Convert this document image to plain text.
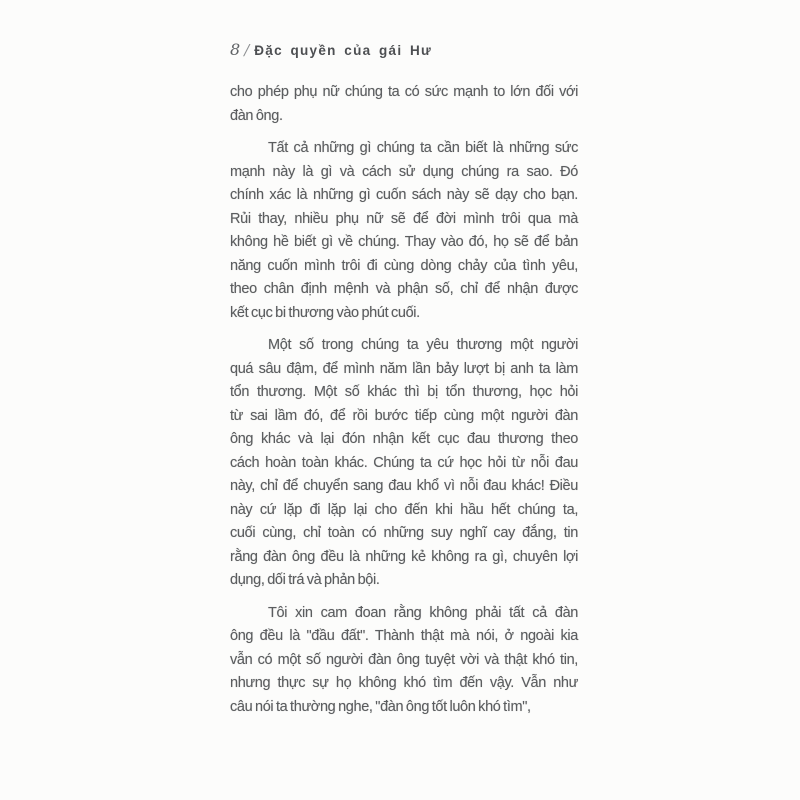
8 / Đặc quyền của gái Hư
cho phép phụ nữ chúng ta có sức mạnh to lớn đối với
đàn ông.
Tất cả những gì chúng ta cần biết là những sức
mạnh này là gì và cách sử dụng chúng ra sao. Đó
chính xác là những gì cuốn sách này sẽ dạy cho bạn.
Rủi thay, nhiều phụ nữ sẽ để đời mình trôi qua mà
không hề biết gì về chúng. Thay vào đó, họ sẽ để bản
năng cuốn mình trôi đi cùng dòng chảy của tình yêu,
theo chân định mệnh và phận số, chỉ để nhận được
kết cục bi thương vào phút cuối.
Một số trong chúng ta yêu thương một người
quá sâu đậm, để mình năm lần bảy lượt bị anh ta làm
tổn thương. Một số khác thì bị tổn thương, học hỏi
từ sai lầm đó, để rồi bước tiếp cùng một người đàn
ông khác và lại đón nhận kết cục đau thương theo
cách hoàn toàn khác. Chúng ta cứ học hỏi từ nỗi đau
này, chỉ để chuyển sang đau khổ vì nỗi đau khác! Điều
này cứ lặp đi lặp lại cho đến khi hầu hết chúng ta,
cuối cùng, chỉ toàn có những suy nghĩ cay đắng, tin
rằng đàn ông đều là những kẻ không ra gì, chuyên lợi
dụng, dối trá và phản bội.
Tôi xin cam đoan rằng không phải tất cả đàn
ông đều là "đầu đất". Thành thật mà nói, ở ngoài kia
vẫn có một số người đàn ông tuyệt vời và thật khó tin,
nhưng thực sự họ không khó tìm đến vậy. Vẫn như
câu nói ta thường nghe, "đàn ông tốt luôn khó tìm",
